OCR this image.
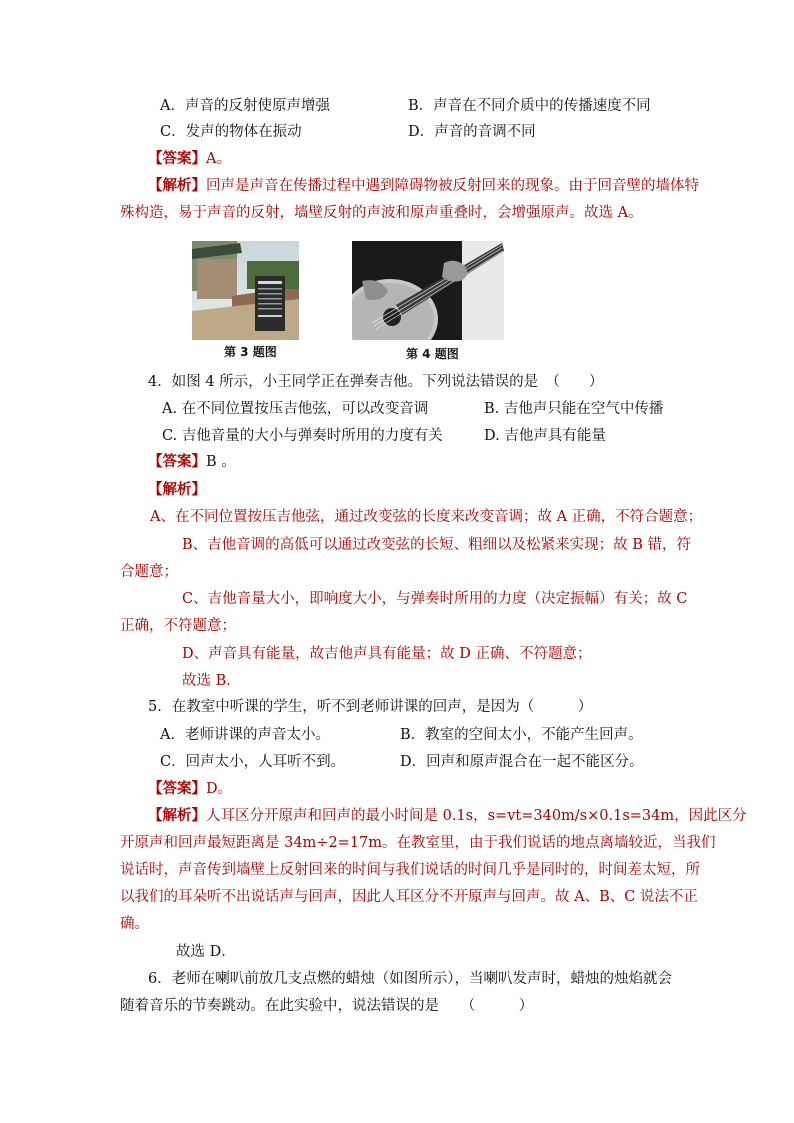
A．声音的反射使原声增强	B．声音在不同介质中的传播速度不同
C．发声的物体在振动	D．声音的音调不同
【答案】A。
【解析】回声是声音在传播过程中遇到障碍物被反射回来的现象。由于回音壁的墙体特
殊构造，易于声音的反射，墙壁反射的声波和原声重叠时，会增强原声。故选 A。
第 3 题图	第 4 题图
4．如图 4 所示，小王同学正在弹奏吉他。下列说法错误的是　（　　）
A. 在不同位置按压吉他弦，可以改变音调	B. 吉他声只能在空气中传播
C. 吉他音量的大小与弹奏时所用的力度有关	D. 吉他声具有能量
【答案】B 。
【解析】
A、在不同位置按压吉他弦，通过改变弦的长度来改变音调；故 A 正确，不符合题意；
B、吉他音调的高低可以通过改变弦的长短、粗细以及松紧来实现；故 B 错，符
合题意；
C、吉他音量大小，即响度大小，与弹奏时所用的力度（决定振幅）有关；故 C
正确，不符题意；
D、声音具有能量，故吉他声具有能量；故 D 正确、不符题意；
故选 B．
5．在教室中听课的学生，听不到老师讲课的回声，是因为（　　　）
A．老师讲课的声音太小。	B．教室的空间太小，不能产生回声。
C．回声太小，人耳听不到。	D．回声和原声混合在一起不能区分。
【答案】D。
【解析】人耳区分开原声和回声的最小时间是 0.1s，s=vt=340m/s×0.1s=34m，因此区分
开原声和回声最短距离是 34m÷2=17m。在教室里，由于我们说话的地点离墙较近，当我们
说话时，声音传到墙壁上反射回来的时间与我们说话的时间几乎是同时的，时间差太短，所
以我们的耳朵听不出说话声与回声，因此人耳区分不开原声与回声。故 A、B、C 说法不正
确。
故选 D．
6．老师在喇叭前放几支点燃的蜡烛（如图所示），当喇叭发声时，蜡烛的烛焰就会
随着音乐的节奏跳动。在此实验中，说法错误的是　　（　　　）
